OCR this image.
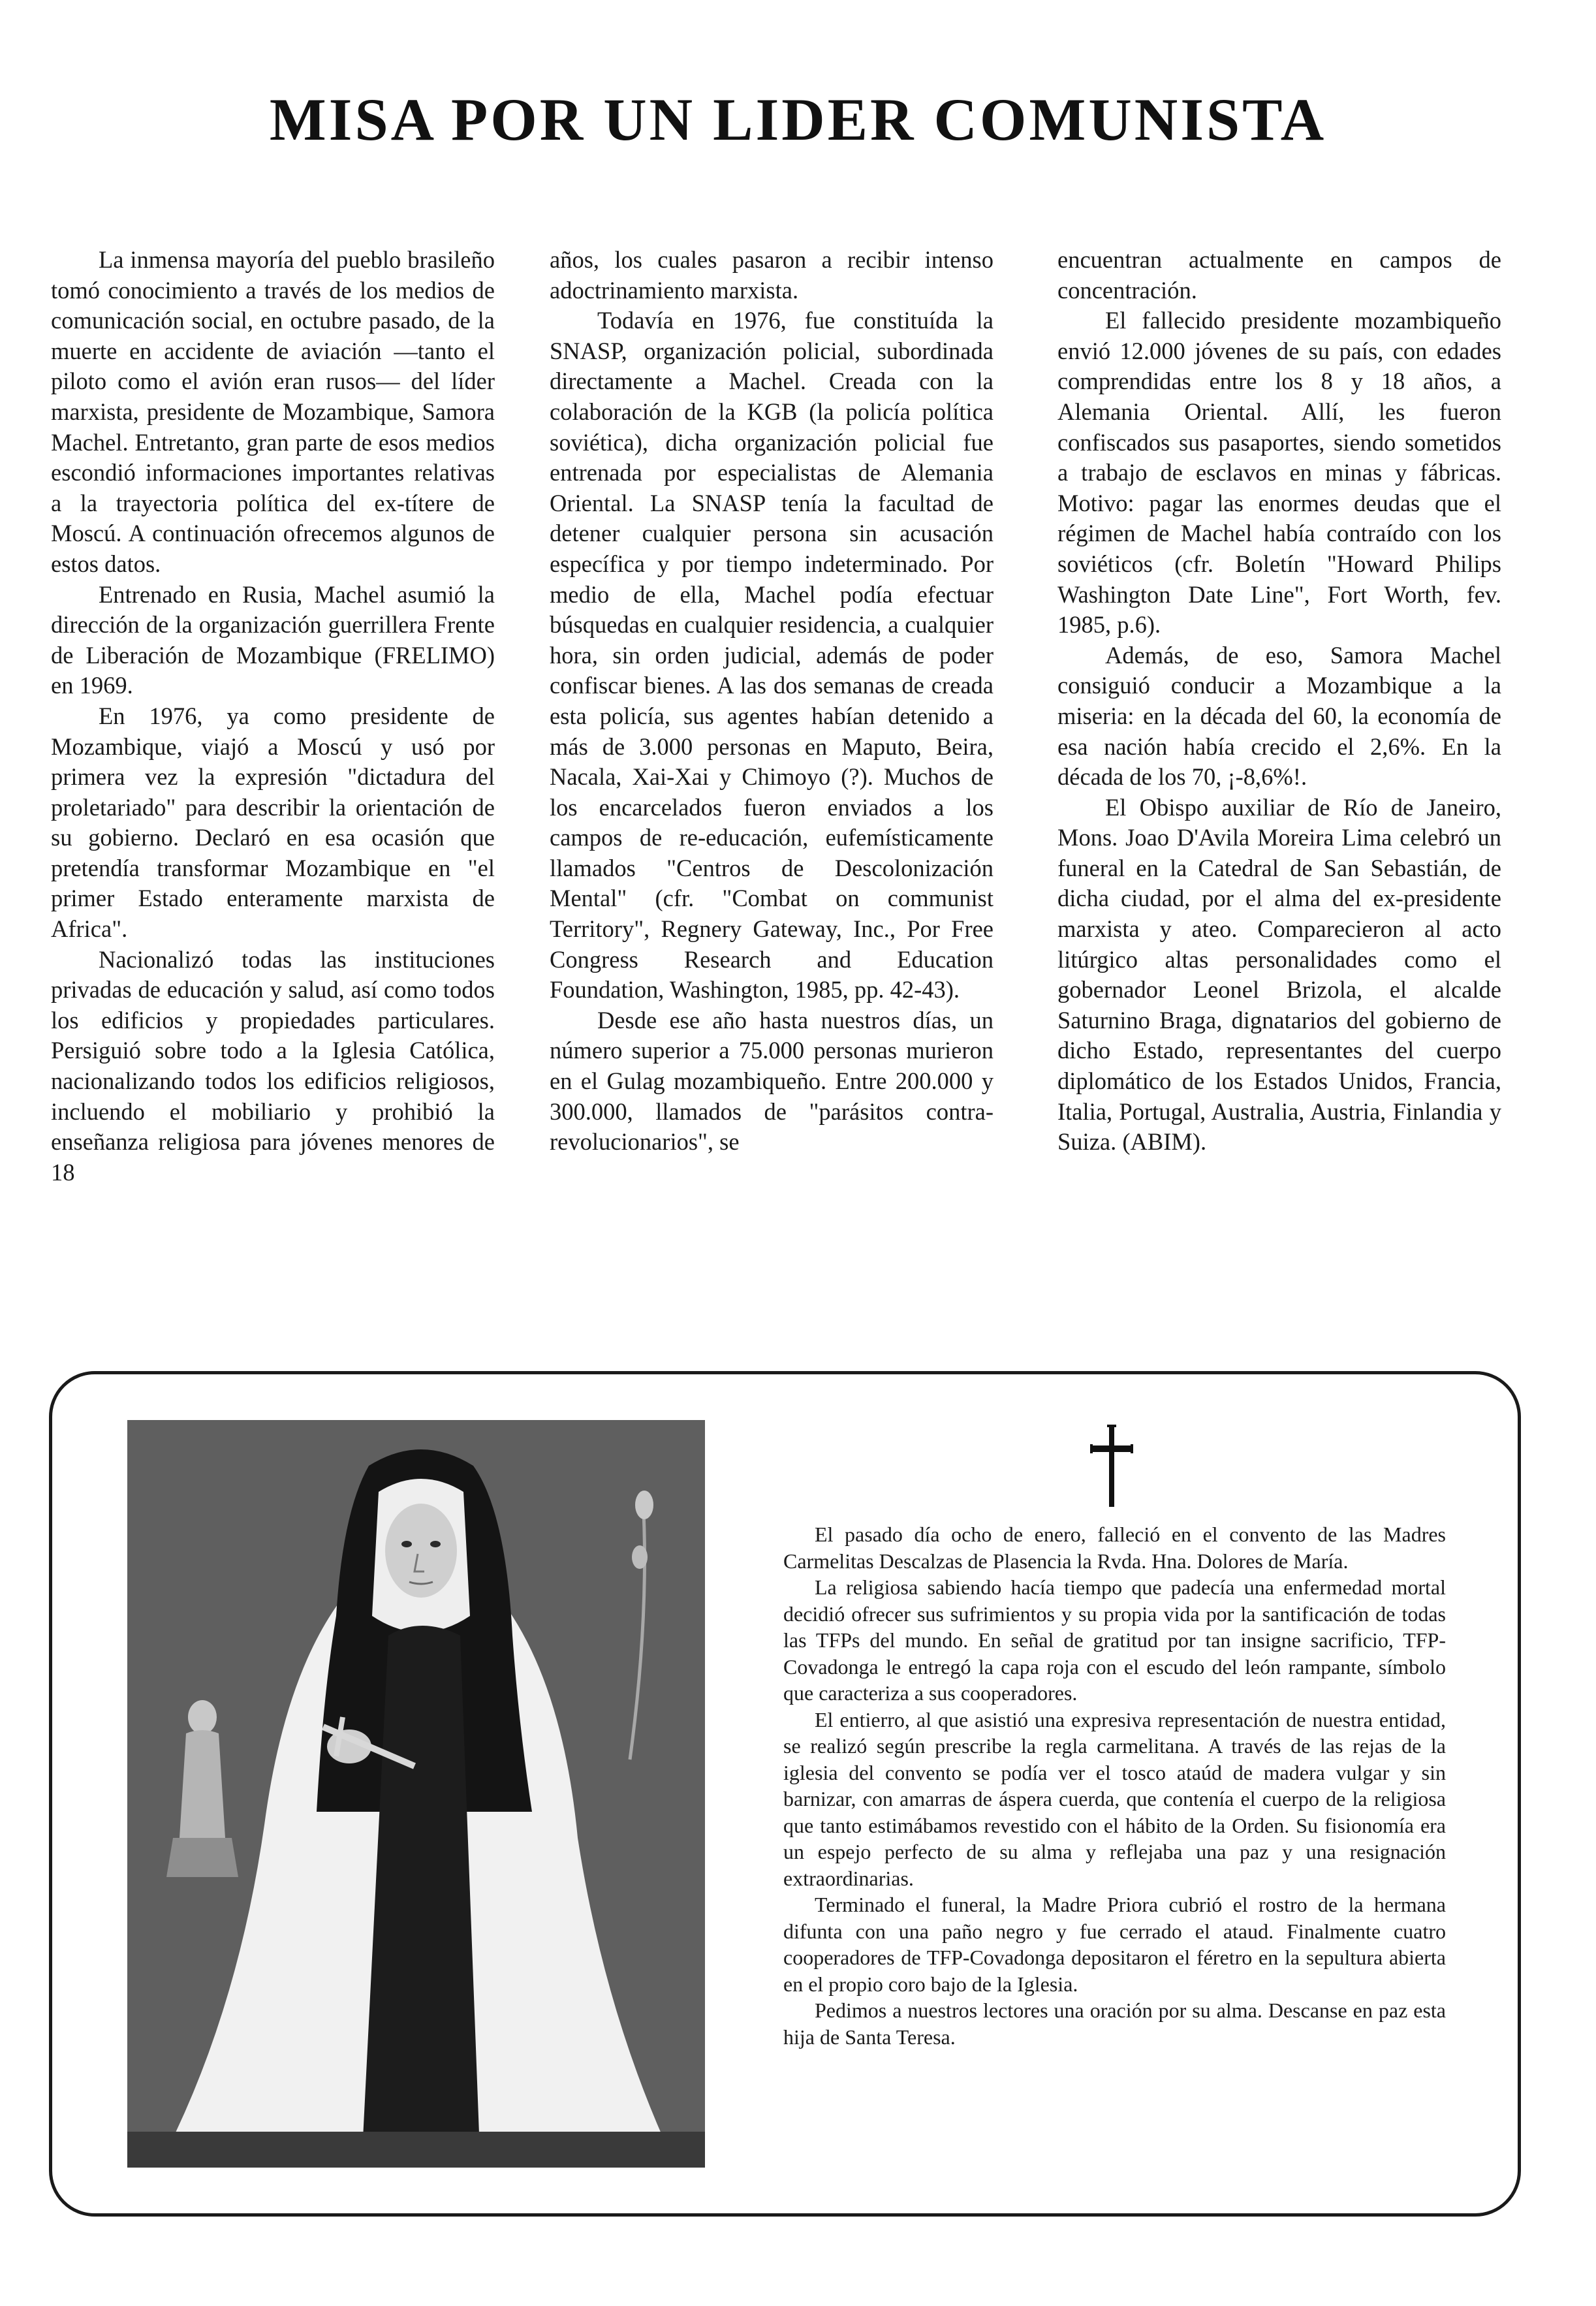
MISA POR UN LIDER COMUNISTA

La inmensa mayoría del pueblo brasileño tomó conocimiento a través de los medios de comunicación social, en octubre pasado, de la muerte en accidente de aviación —tanto el piloto como el avión eran rusos— del líder marxista, presidente de Mozambique, Samora Machel. Entretanto, gran parte de esos medios escondió informaciones importantes relativas a la trayectoria política del ex-títere de Moscú. A continuación ofrecemos algunos de estos datos.

Entrenado en Rusia, Machel asumió la dirección de la organización guerrillera Frente de Liberación de Mozambique (FRELIMO) en 1969.

En 1976, ya como presidente de Mozambique, viajó a Moscú y usó por primera vez la expresión "dictadura del proletariado" para describir la orientación de su gobierno. Declaró en esa ocasión que pretendía transformar Mozambique en "el primer Estado enteramente marxista de Africa".

Nacionalizó todas las instituciones privadas de educación y salud, así como todos los edificios y propiedades particulares. Persiguió sobre todo a la Iglesia Católica, nacionalizando todos los edificios religiosos, incluendo el mobiliario y prohibió la enseñanza religiosa para jóvenes menores de 18

años, los cuales pasaron a recibir intenso adoctrinamiento marxista.

Todavía en 1976, fue constituída la SNASP, organización policial, subordinada directamente a Machel. Creada con la colaboración de la KGB (la policía política soviética), dicha organización policial fue entrenada por especialistas de Alemania Oriental. La SNASP tenía la facultad de detener cualquier persona sin acusación específica y por tiempo indeterminado. Por medio de ella, Machel podía efectuar búsquedas en cualquier residencia, a cualquier hora, sin orden judicial, además de poder confiscar bienes. A las dos semanas de creada esta policía, sus agentes habían detenido a más de 3.000 personas en Maputo, Beira, Nacala, Xai-Xai y Chimoyo (?). Muchos de los encarcelados fueron enviados a los campos de re-educación, eufemísticamente llamados "Centros de Descolonización Mental" (cfr. "Combat on communist Territory", Regnery Gateway, Inc., Por Free Congress Research and Education Foundation, Washington, 1985, pp. 42-43).

Desde ese año hasta nuestros días, un número superior a 75.000 personas murieron en el Gulag mozambiqueño. Entre 200.000 y 300.000, llamados de "parásitos contra-revolucionarios", se

encuentran actualmente en campos de concentración.

El fallecido presidente mozambiqueño envió 12.000 jóvenes de su país, con edades comprendidas entre los 8 y 18 años, a Alemania Oriental. Allí, les fueron confiscados sus pasaportes, siendo sometidos a trabajo de esclavos en minas y fábricas. Motivo: pagar las enormes deudas que el régimen de Machel había contraído con los soviéticos (cfr. Boletín "Howard Philips Washington Date Line", Fort Worth, fev. 1985, p.6).

Además, de eso, Samora Machel consiguió conducir a Mozambique a la miseria: en la década del 60, la economía de esa nación había crecido el 2,6%. En la década de los 70, ¡-8,6%!.

El Obispo auxiliar de Río de Janeiro, Mons. Joao D'Avila Moreira Lima celebró un funeral en la Catedral de San Sebastián, de dicha ciudad, por el alma del ex-presidente marxista y ateo. Comparecieron al acto litúrgico altas personalidades como el gobernador Leonel Brizola, el alcalde Saturnino Braga, dignatarios del gobierno de dicho Estado, representantes del cuerpo diplomático de los Estados Unidos, Francia, Italia, Portugal, Australia, Austria, Finlandia y Suiza. (ABIM).

El pasado día ocho de enero, falleció en el convento de las Madres Carmelitas Descalzas de Plasencia la Rvda. Hna. Dolores de María.

La religiosa sabiendo hacía tiempo que padecía una enfermedad mortal decidió ofrecer sus sufrimientos y su propia vida por la santificación de todas las TFPs del mundo. En señal de gratitud por tan insigne sacrificio, TFP-Covadonga le entregó la capa roja con el escudo del león rampante, símbolo que caracteriza a sus cooperadores.

El entierro, al que asistió una expresiva representación de nuestra entidad, se realizó según prescribe la regla carmelitana. A través de las rejas de la iglesia del convento se podía ver el tosco ataúd de madera vulgar y sin barnizar, con amarras de áspera cuerda, que contenía el cuerpo de la religiosa que tanto estimábamos revestido con el hábito de la Orden. Su fisionomía era un espejo perfecto de su alma y reflejaba una paz y una resignación extraordinarias.

Terminado el funeral, la Madre Priora cubrió el rostro de la hermana difunta con una paño negro y fue cerrado el ataud. Finalmente cuatro cooperadores de TFP-Covadonga depositaron el féretro en la sepultura abierta en el propio coro bajo de la Iglesia.

Pedimos a nuestros lectores una oración por su alma. Descanse en paz esta hija de Santa Teresa.
